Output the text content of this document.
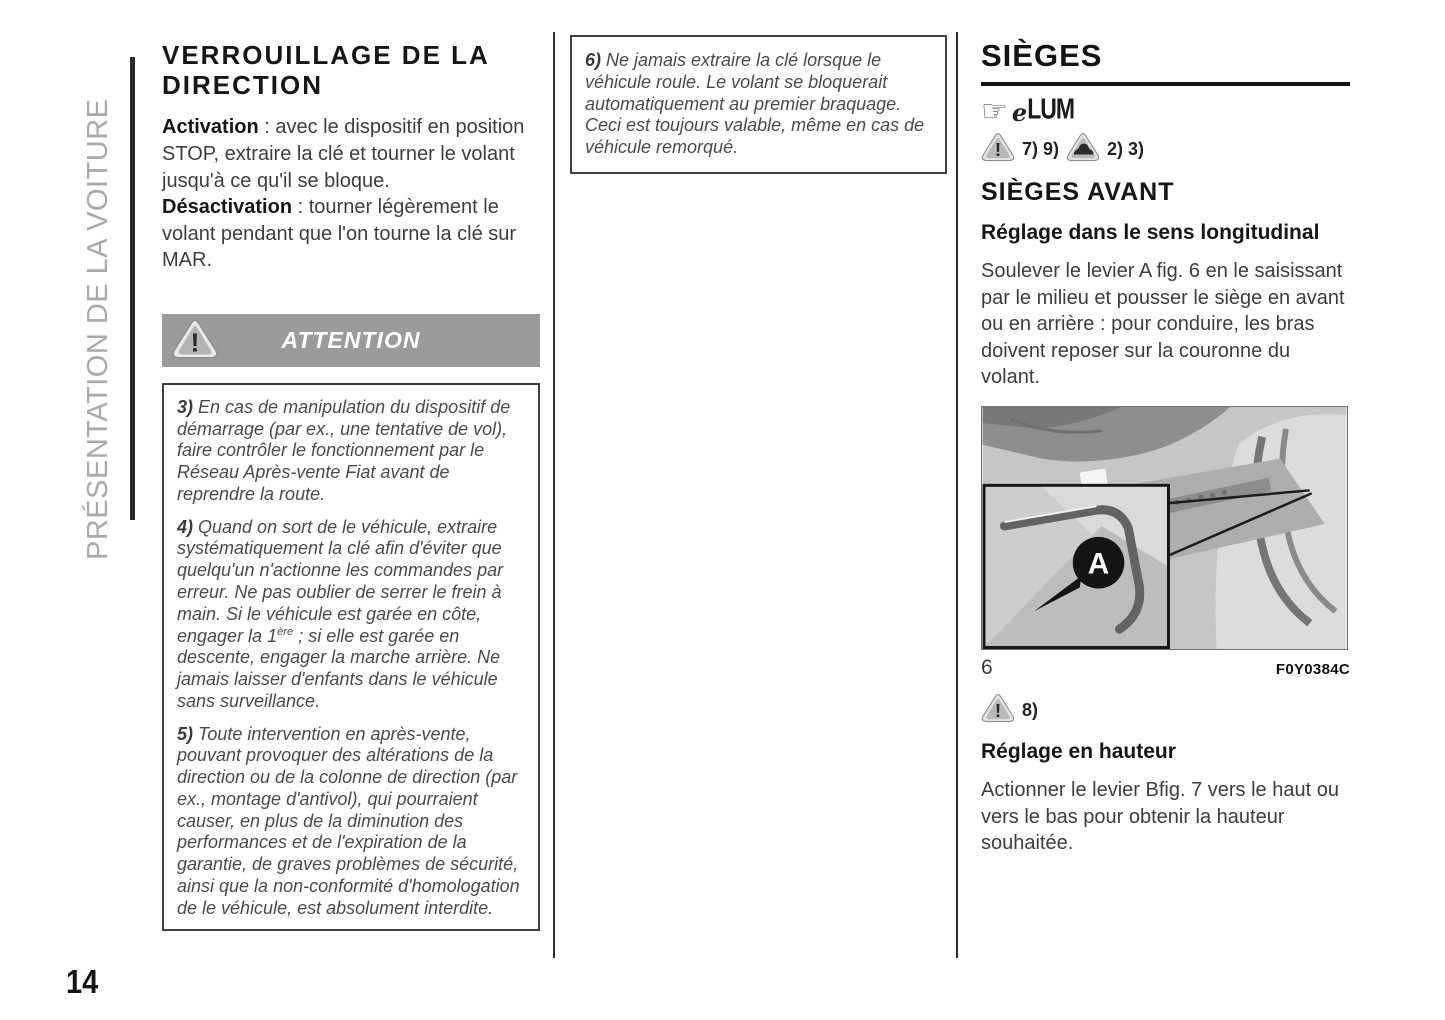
PRÉSENTATION DE LA VOITURE
14
VERROUILLAGE DE LA DIRECTION

Activation : avec le dispositif en position STOP, extraire la clé et tourner le volant jusqu'à ce qu'il se bloque.

Désactivation : tourner légèrement le volant pendant que l'on tourne la clé sur MAR.

!	ATTENTION

3) En cas de manipulation du dispositif de démarrage (par ex., une tentative de vol), faire contrôler le fonctionnement par le Réseau Après-vente Fiat avant de reprendre la route.

4) Quand on sort de le véhicule, extraire systématiquement la clé afin d'éviter que quelqu'un n'actionne les commandes par erreur. Ne pas oublier de serrer le frein à main. Si le véhicule est garée en côte, engager la 1ère ; si elle est garée en descente, engager la marche arrière. Ne jamais laisser d'enfants dans le véhicule sans surveillance.

5) Toute intervention en après-vente, pouvant provoquer des altérations de la direction ou de la colonne de direction (par ex., montage d'antivol), qui pourraient causer, en plus de la diminution des performances et de l'expiration de la garantie, de graves problèmes de sécurité, ainsi que la non-conformité d'homologation de le véhicule, est absolument interdite.

6) Ne jamais extraire la clé lorsque le véhicule roule. Le volant se bloquerait automatiquement au premier braquage. Ceci est toujours valable, même en cas de véhicule remorqué.

SIÈGES
☞ e LUM
! 7) 9)	2) 3)
SIÈGES AVANT
Réglage dans le sens longitudinal

Soulever le levier A fig. 6 en le saisissant par le milieu et pousser le siège en avant ou en arrière : pour conduire, les bras doivent reposer sur la couronne du volant.

A
6	F0Y0384C
! 8)
Réglage en hauteur

Actionner le levier Bfig. 7 vers le haut ou vers le bas pour obtenir la hauteur souhaitée.
